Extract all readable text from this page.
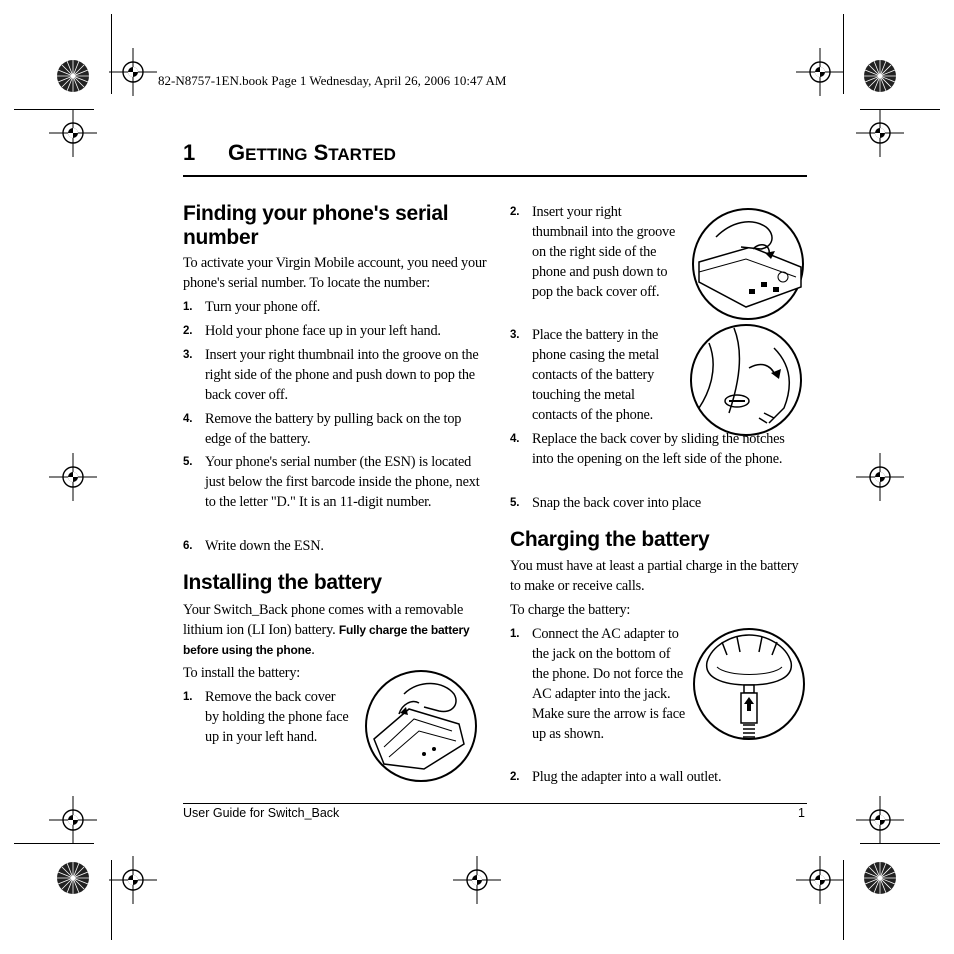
82-N8757-1EN.book Page 1 Wednesday, April 26, 2006 10:47 AM
1 GETTING STARTED
Finding your phone's serial number
To activate your Virgin Mobile account, you need your phone's serial number. To locate the number:
1. Turn your phone off.
2. Hold your phone face up in your left hand.
3. Insert your right thumbnail into the groove on the right side of the phone and push down to pop the back cover off.
4. Remove the battery by pulling back on the top edge of the battery.
5. Your phone's serial number (the ESN) is located just below the first barcode inside the phone, next to the letter "D." It is an 11-digit number.
6. Write down the ESN.
Installing the battery
Your Switch_Back phone comes with a removable lithium ion (LI Ion) battery. Fully charge the battery before using the phone.
To install the battery:
1. Remove the back cover by holding the phone face up in your left hand.
2. Insert your right thumbnail into the groove on the right side of the phone and push down to pop the back cover off.
3. Place the battery in the phone casing the metal contacts of the battery touching the metal contacts of the phone.
4. Replace the back cover by sliding the notches into the opening on the left side of the phone.
5. Snap the back cover into place
Charging the battery
You must have at least a partial charge in the battery to make or receive calls.
To charge the battery:
1. Connect the AC adapter to the jack on the bottom of the phone. Do not force the AC adapter into the jack. Make sure the arrow is face up as shown.
2. Plug the adapter into a wall outlet.
User Guide for Switch_Back	1
